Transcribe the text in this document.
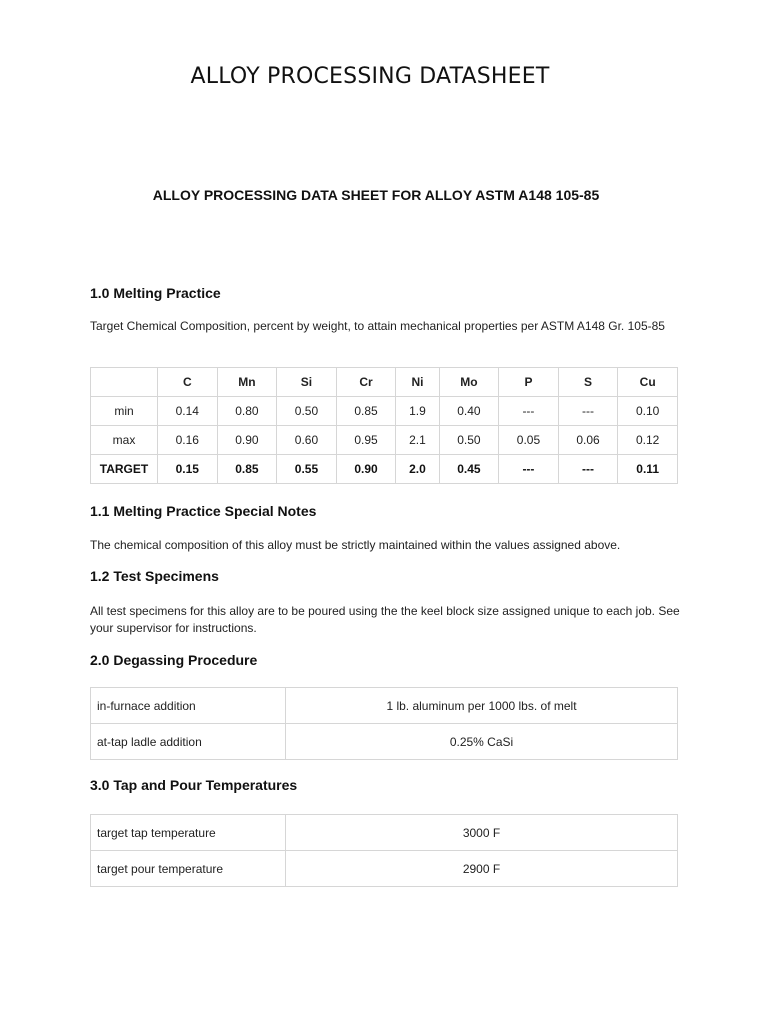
ALLOY PROCESSING DATASHEET
ALLOY PROCESSING DATA SHEET FOR ALLOY ASTM A148 105-85

1.0 Melting Practice

Target Chemical Composition, percent by weight, to attain mechanical properties per ASTM A148 Gr. 105-85

	C	Mn	Si	Cr	Ni	Mo	P	S	Cu
min	0.14	0.80	0.50	0.85	1.9	0.40	---	---	0.10
max	0.16	0.90	0.60	0.95	2.1	0.50	0.05	0.06	0.12
TARGET	0.15	0.85	0.55	0.90	2.0	0.45	---	---	0.11

1.1 Melting Practice Special Notes

The chemical composition of this alloy must be strictly maintained within the values assigned above.

1.2 Test Specimens

All test specimens for this alloy are to be poured using the the keel block size assigned unique to each job. See your supervisor for instructions.

2.0 Degassing Procedure

in-furnace addition	1 lb. aluminum per 1000 lbs. of melt
at-tap ladle addition	0.25% CaSi

3.0 Tap and Pour Temperatures

target tap temperature	3000 F
target pour temperature	2900 F
